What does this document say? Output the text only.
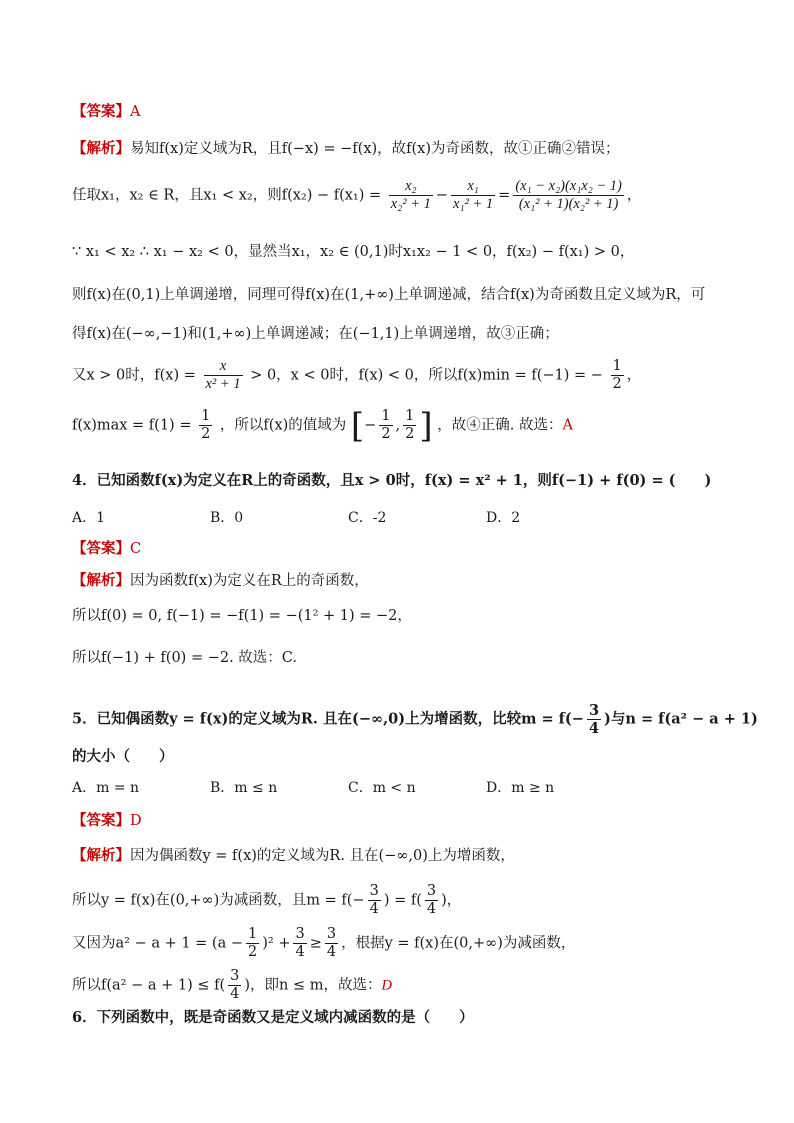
【答案】A
【解析】易知f(x)定义域为R，且f(−x) = −f(x)，故f(x)为奇函数，故①正确②错误；
任取x₁，x₂ ∈ R，且x₁ < x₂，则$f(x_2) - f(x_1) = \frac{\text{x₂}}{\text{x₂² + 1}} - \frac{\text{x₁}}{\text{x₁² + 1}} = \frac{\text{(x₁ − x₂)(x₁x₂ − 1)}}{\text{(x₁² + 1)(x₂² + 1)}}$ ，
∵ x₁ < x₂ ∴ x₁ − x₂ < 0，显然当x₁，x₂ ∈ (0,1)时x₁x₂ − 1 < 0，f(x₂) − f(x₁) > 0，
则f(x)在(0,1)上单调递增，同理可得f(x)在(1,+∞)上单调递减，结合f(x)为奇函数且定义域为R，可
得f(x)在(−∞,−1)和(1,+∞)上单调递减；在(−1,1)上单调递增，故③正确；
又x > 0时，$f(x) = \frac{x}{\text{x² + 1}} > 0$，x < 0时，f(x) < 0，所以f(x)min = f(−1) = − $\frac{1}{2}$ ，
$f(x)\max = f(1) = \frac{1}{2}$ ，所以f(x)的值域为 [− $\frac{1}{2}$ , $\frac{1}{2}$ ] ，故④正确. 故选：A
4．已知函数f(x)为定义在R上的奇函数，且x > 0时，f(x) = x² + 1，则f(−1) + f(0) = (　　)
A．1	B．0	C．-2	D．2
【答案】C
【解析】因为函数f(x)为定义在R上的奇函数，
所以f(0) = 0, f(−1) = −f(1) = −(1² + 1) = −2，
所以f(−1) + f(0) = −2. 故选：C.
5．已知偶函数y = f(x)的定义域为R. 且在(−∞,0)上为增函数，比较$m = f(- \frac{3}{4}$ )与n = f(a² − a + 1)
的大小（　　）
A．m = n	B．m ≤ n	C．m < n	D．m ≥ n
【答案】D
【解析】因为偶函数y = f(x)的定义域为R. 且在(−∞,0)上为增函数，
所以y = f(x)在(0,+∞)为减函数，且$m = f(- \frac{3}{4}$ ) = $f( \frac{3}{4}$ )，
又因为$a^2 - a + 1 = (a - \frac{1}{2} )^2 + \frac{3}{4} \ge \frac{3}{4}$ ，根据y = f(x)在(0,+∞)为减函数，
所以$f(a^2 - a + 1) \le f( \frac{3}{4}$ )，即n ≤ m，故选：D
6．下列函数中，既是奇函数又是定义域内减函数的是（　　）
